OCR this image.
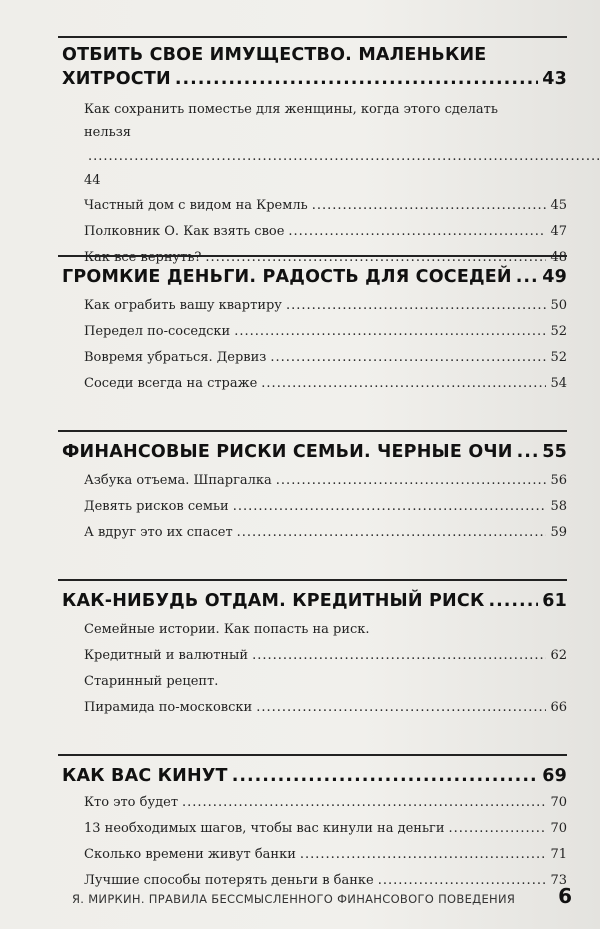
ОТБИТЬ СВОЕ ИМУЩЕСТВО. МАЛЕНЬКИЕ
ХИТРОСТИ .....	43
Как сохранить поместье для женщины, когда этого сделать
нельзя ..... 44
Частный дом с видом на Кремль .....	45
Полковник О. Как взять свое .....	47
Как все вернуть? .....	48
ГРОМКИЕ ДЕНЬГИ. РАДОСТЬ ДЛЯ СОСЕДЕЙ ..... 49
Как ограбить вашу квартиру .....	50
Передел по-соседски .....	52
Вовремя убраться. Дервиз .....	52
Соседи всегда на страже .....	54
ФИНАНСОВЫЕ РИСКИ СЕМЬИ. ЧЕРНЫЕ ОЧИ ..... 55
Азбука отъема. Шпаргалка .....	56
Девять рисков семьи .....	58
А вдруг это их спасет .....	59
КАК-НИБУДЬ ОТДАМ. КРЕДИТНЫЙ РИСК .....	61
Семейные истории. Как попасть на риск.
Кредитный и валютный .....	62
Старинный рецепт.
Пирамида по-московски .....	66
КАК ВАС КИНУТ .....	69
Кто это будет .....	70
13 необходимых шагов, чтобы вас кинули на деньги .....	70
Сколько времени живут банки .....	71
Лучшие способы потерять деньги в банке .....	73
Я. МИРКИН. ПРАВИЛА БЕССМЫСЛЕННОГО ФИНАНСОВОГО ПОВЕДЕНИЯ 6
